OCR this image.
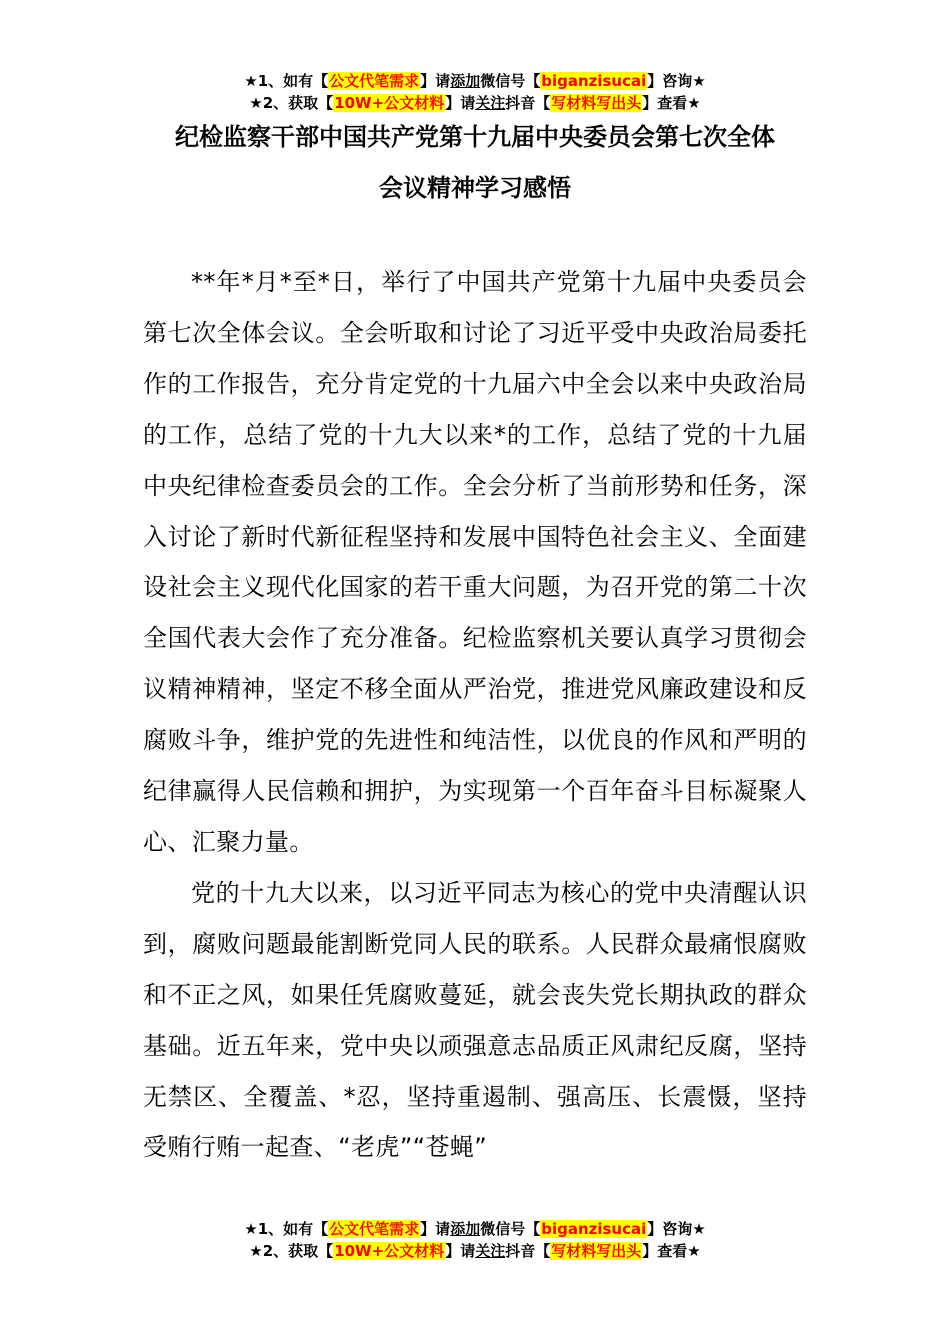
★1、如有【公文代笔需求】请添加微信号【biganzisucai】咨询★
★2、获取【10W+公文材料】请关注抖音【写材料写出头】查看★
纪检监察干部中国共产党第十九届中央委员会第七次全体
会议精神学习感悟

**年*月*至*日，举行了中国共产党第十九届中央委员会第七次全体会议。全会听取和讨论了习近平受中央政治局委托作的工作报告，充分肯定党的十九届六中全会以来中央政治局的工作，总结了党的十九大以来*的工作，总结了党的十九届中央纪律检查委员会的工作。全会分析了当前形势和任务，深入讨论了新时代新征程坚持和发展中国特色社会主义、全面建设社会主义现代化国家的若干重大问题，为召开党的第二十次全国代表大会作了充分准备。纪检监察机关要认真学习贯彻会议精神精神，坚定不移全面从严治党，推进党风廉政建设和反腐败斗争，维护党的先进性和纯洁性，以优良的作风和严明的纪律赢得人民信赖和拥护，为实现第一个百年奋斗目标凝聚人心、汇聚力量。

党的十九大以来，以习近平同志为核心的党中央清醒认识到，腐败问题最能割断党同人民的联系。人民群众最痛恨腐败和不正之风，如果任凭腐败蔓延，就会丧失党长期执政的群众基础。近五年来，党中央以顽强意志品质正风肃纪反腐，坚持无禁区、全覆盖、*忍，坚持重遏制、强高压、长震慑，坚持受贿行贿一起查、“老虎”“苍蝇”

★1、如有【公文代笔需求】请添加微信号【biganzisucai】咨询★
★2、获取【10W+公文材料】请关注抖音【写材料写出头】查看★
